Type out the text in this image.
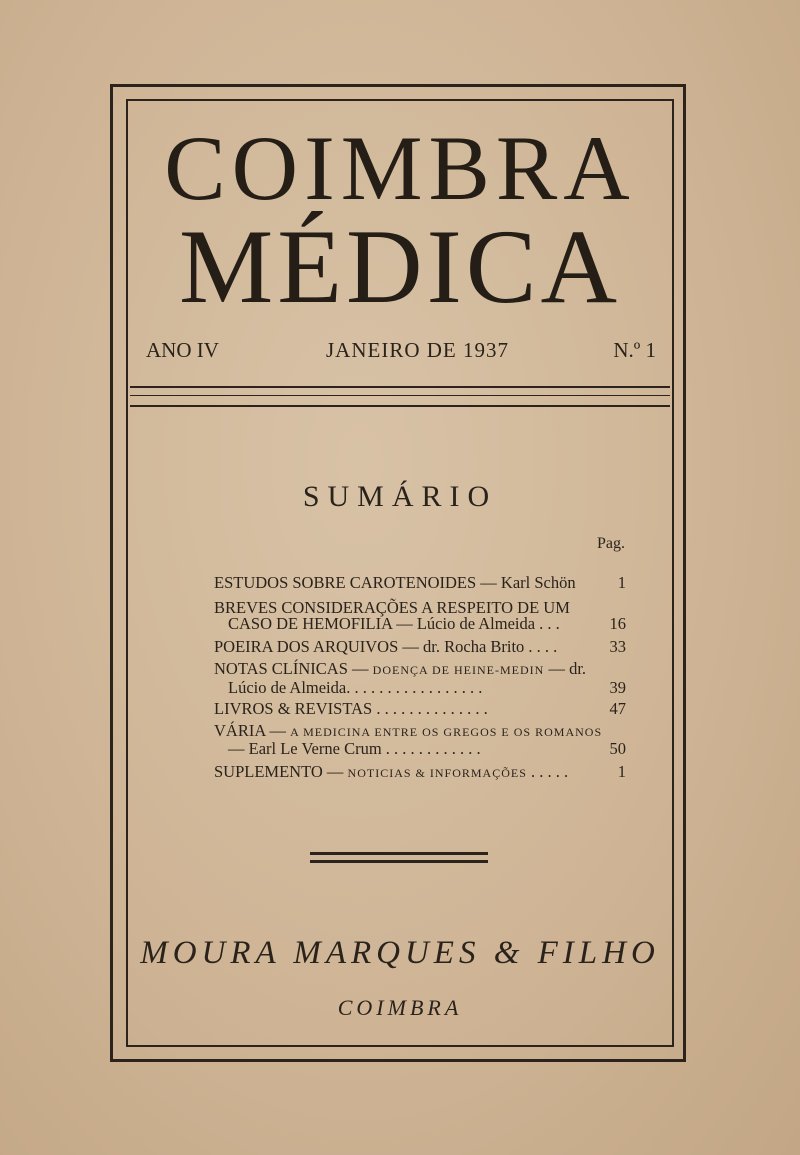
COIMBRA
MÉDICA
ANO IV	JANEIRO DE 1937	N.º 1
SUMÁRIO
Pag.
ESTUDOS SOBRE CAROTENOIDES — Karl Schön	1
BREVES CONSIDERAÇÕES A RESPEITO DE UM
CASO DE HEMOFILIA — Lúcio de Almeida . . .	16
POEIRA DOS ARQUIVOS — dr. Rocha Brito . . . .	33
NOTAS CLÍNICAS — DOENÇA DE HEINE-MEDIN — dr.
Lúcio de Almeida. . . . . . . . . . . . . . . . .	39
LIVROS & REVISTAS . . . . . . . . . . . . . .	47
VÁRIA — A MEDICINA ENTRE OS GREGOS E OS ROMANOS
— Earl Le Verne Crum . . . . . . . . . . . .	50
SUPLEMENTO — NOTICIAS & INFORMAÇÕES . . . . .	1
MOURA MARQUES & FILHO
COIMBRA
